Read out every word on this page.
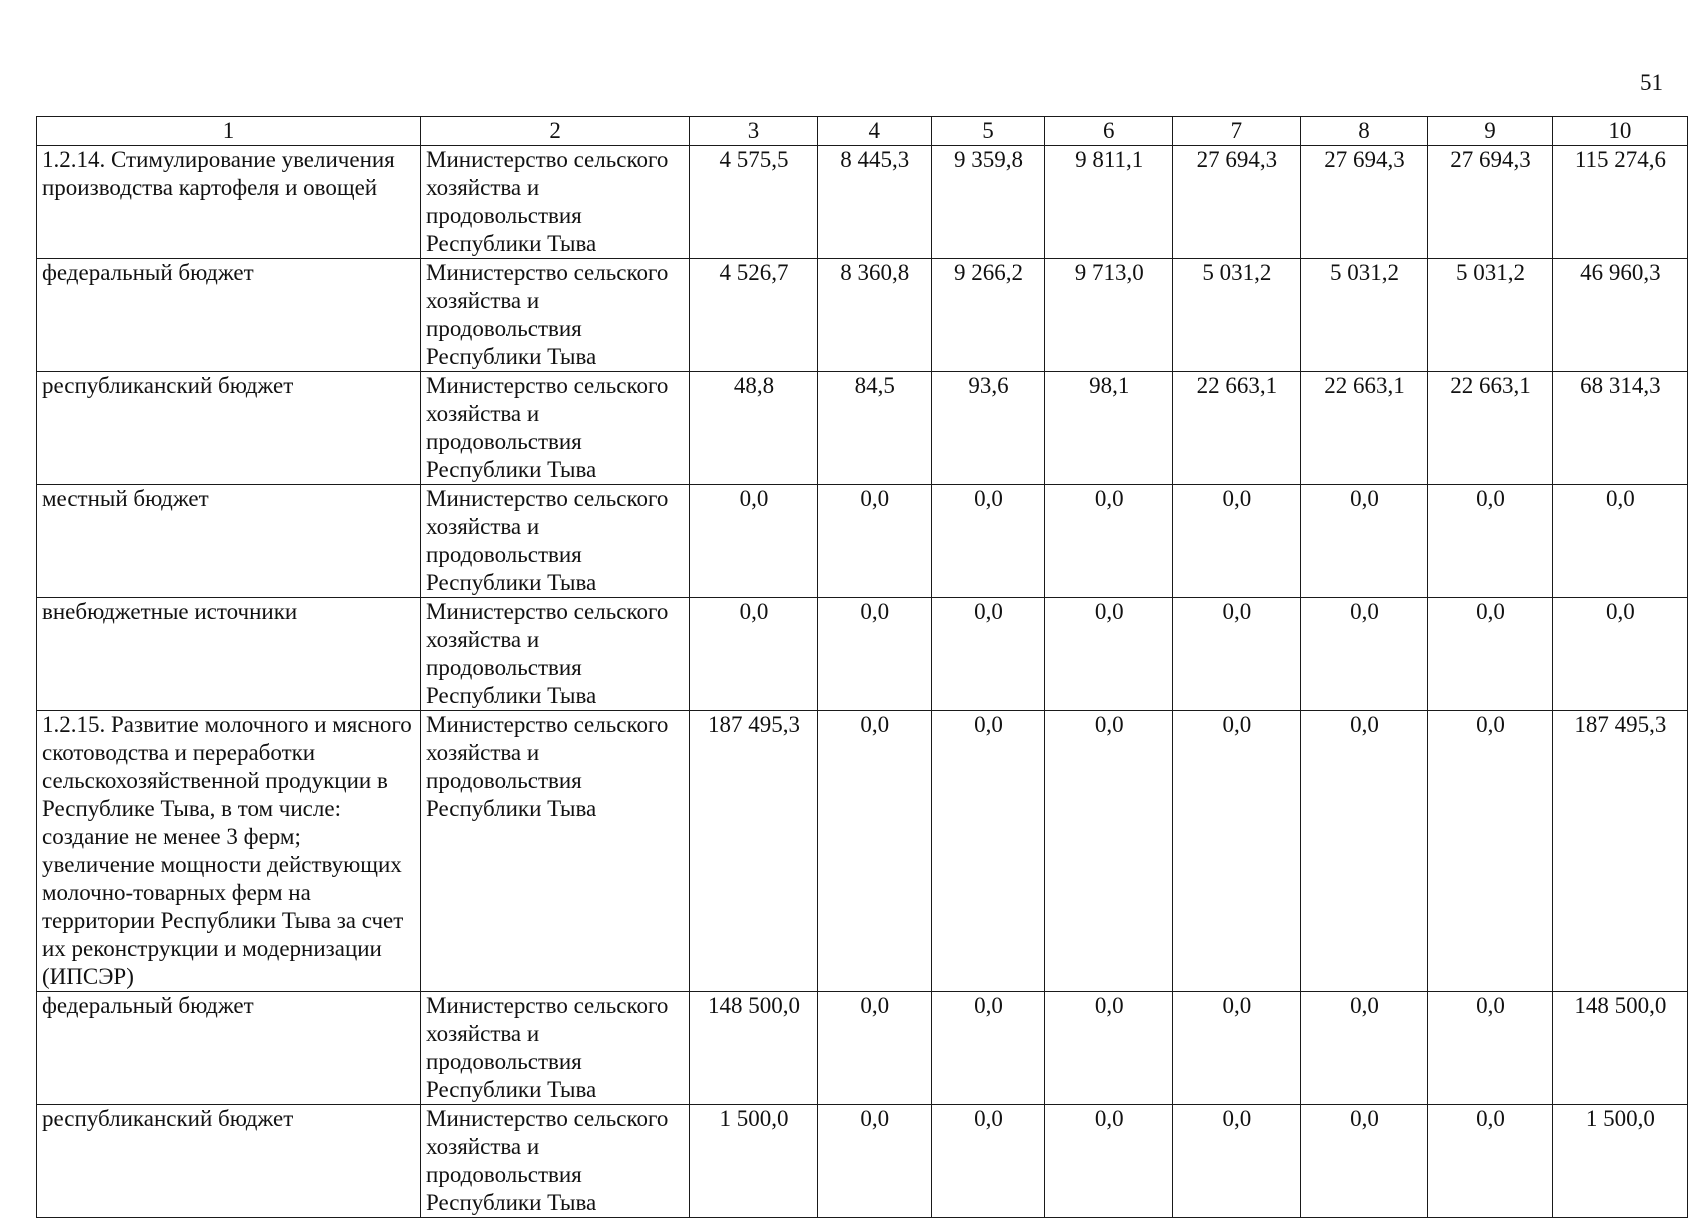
51
1	2	3	4	5	6	7	8	9	10
1.2.14. Стимулирование увеличения производства картофеля и овощей	Министерство сельского хозяйства и продовольствия Республики Тыва	4 575,5	8 445,3	9 359,8	9 811,1	27 694,3	27 694,3	27 694,3	115 274,6
федеральный бюджет	Министерство сельского хозяйства и продовольствия Республики Тыва	4 526,7	8 360,8	9 266,2	9 713,0	5 031,2	5 031,2	5 031,2	46 960,3
республиканский бюджет	Министерство сельского хозяйства и продовольствия Республики Тыва	48,8	84,5	93,6	98,1	22 663,1	22 663,1	22 663,1	68 314,3
местный бюджет	Министерство сельского хозяйства и продовольствия Республики Тыва	0,0	0,0	0,0	0,0	0,0	0,0	0,0	0,0
внебюджетные источники	Министерство сельского хозяйства и продовольствия Республики Тыва	0,0	0,0	0,0	0,0	0,0	0,0	0,0	0,0
1.2.15. Развитие молочного и мясного скотоводства и переработки сельскохозяйственной продукции в Республике Тыва, в том числе: создание не менее 3 ферм; увеличение мощности действующих молочно-товарных ферм на территории Республики Тыва за счет их реконструкции и модернизации (ИПСЭР)	Министерство сельского хозяйства и продовольствия Республики Тыва	187 495,3	0,0	0,0	0,0	0,0	0,0	0,0	187 495,3
федеральный бюджет	Министерство сельского хозяйства и продовольствия Республики Тыва	148 500,0	0,0	0,0	0,0	0,0	0,0	0,0	148 500,0
республиканский бюджет	Министерство сельского хозяйства и продовольствия Республики Тыва	1 500,0	0,0	0,0	0,0	0,0	0,0	0,0	1 500,0
